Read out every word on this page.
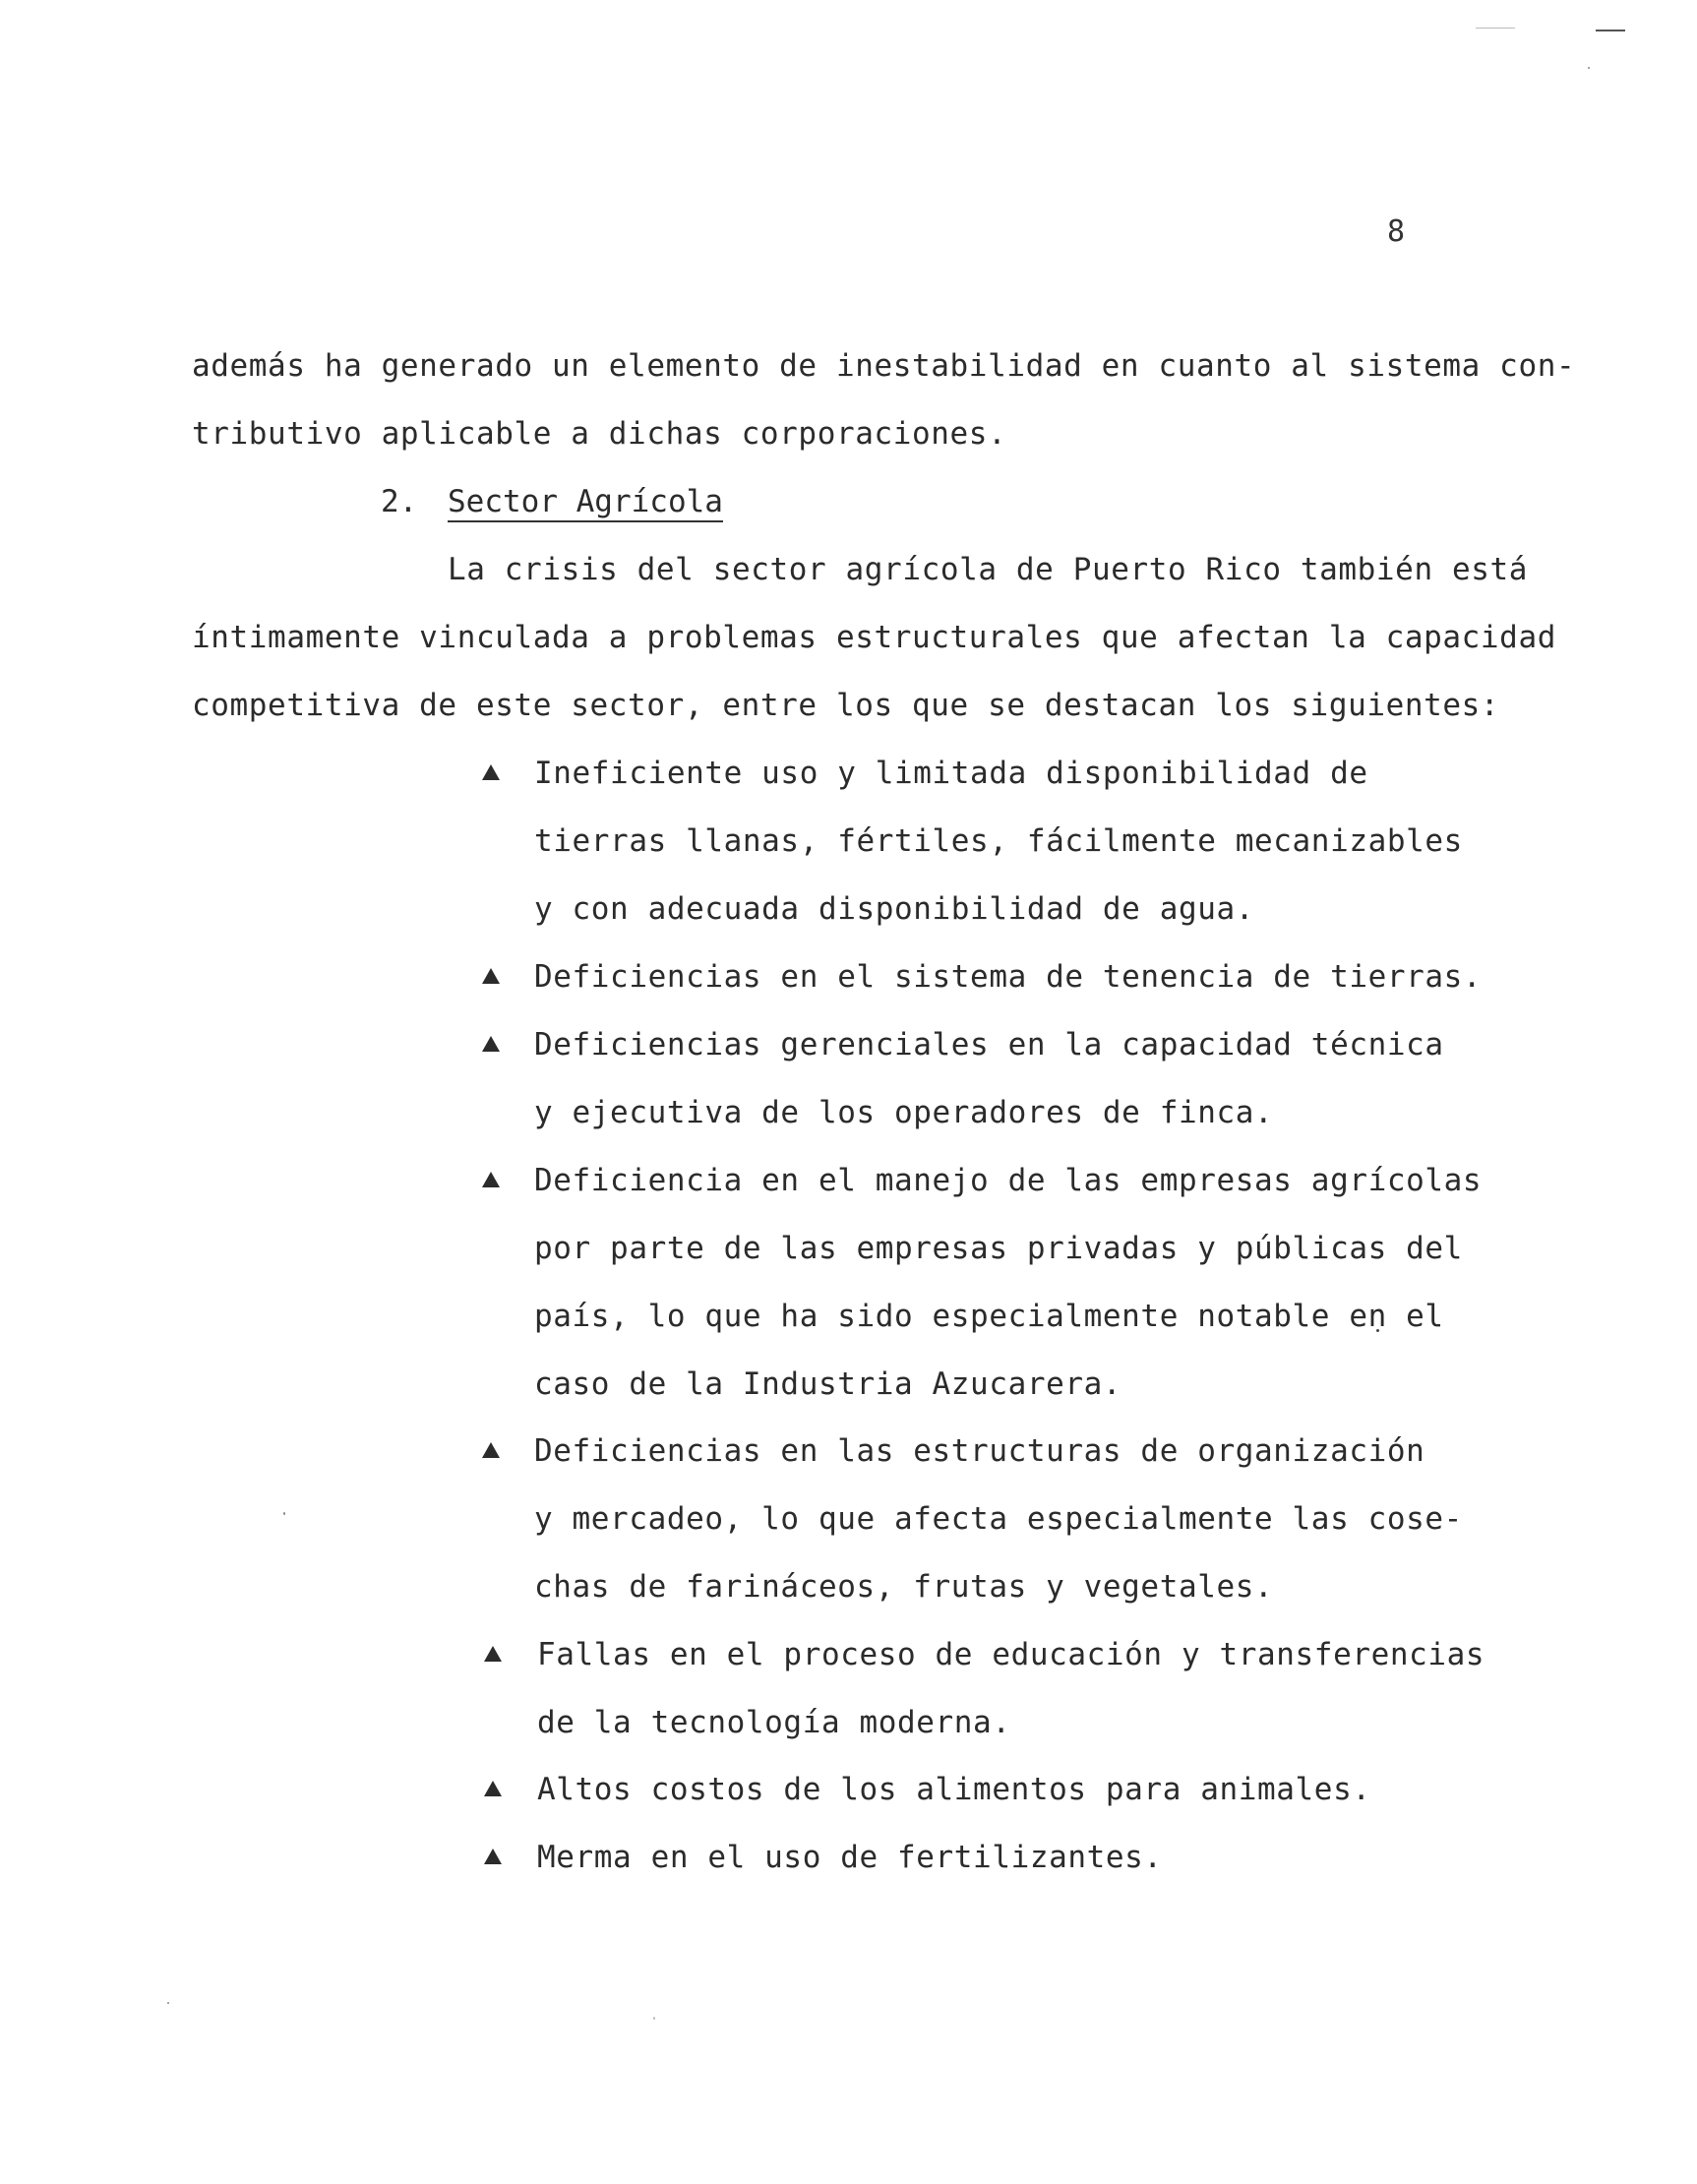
8
además ha generado un elemento de inestabilidad en cuanto al sistema con-
tributivo aplicable a dichas corporaciones.
2. Sector Agrícola
La crisis del sector agrícola de Puerto Rico también está
íntimamente vinculada a problemas estructurales que afectan la capacidad
competitiva de este sector, entre los que se destacan los siguientes:
Ineficiente uso y limitada disponibilidad de
tierras llanas, fértiles, fácilmente mecanizables
y con adecuada disponibilidad de agua.
Deficiencias en el sistema de tenencia de tierras.
Deficiencias gerenciales en la capacidad técnica
y ejecutiva de los operadores de finca.
Deficiencia en el manejo de las empresas agrícolas
por parte de las empresas privadas y públicas del
país, lo que ha sido especialmente notable en el
caso de la Industria Azucarera.
Deficiencias en las estructuras de organización
y mercadeo, lo que afecta especialmente las cose-
chas de farináceos, frutas y vegetales.
Fallas en el proceso de educación y transferencias
de la tecnología moderna.
Altos costos de los alimentos para animales.
Merma en el uso de fertilizantes.
